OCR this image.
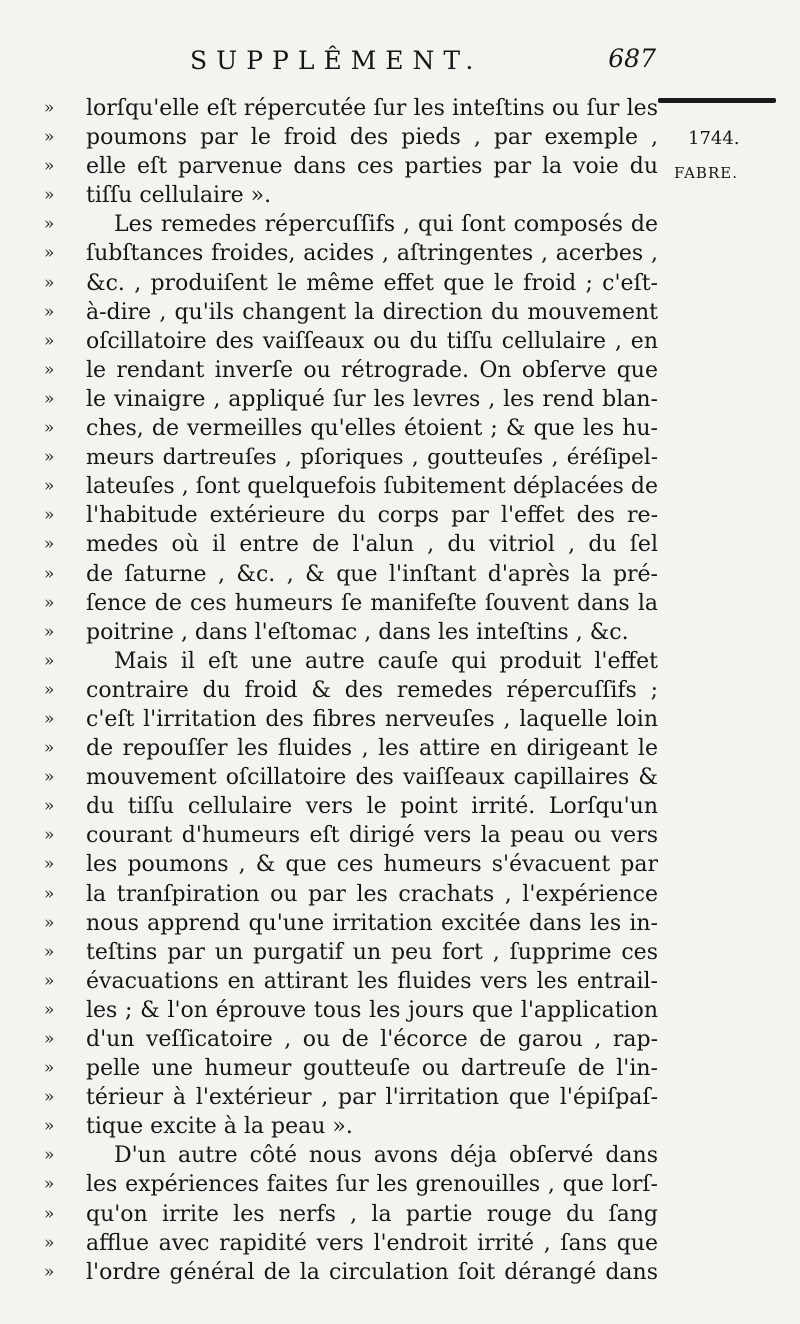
SUPPLÊMENT.	687
1744.
FABRE.
»	lorſqu'elle eſt répercutée ſur les inteſtins ou ſur les
»	poumons par le froid des pieds , par exemple ,
»	elle eſt parvenue dans ces parties par la voie du
»	tiſſu cellulaire ».
»	Les remedes répercuſſifs , qui ſont composés de
»	ſubſtances froides, acides , aſtringentes , acerbes ,
»	&c. , produiſent le même effet que le froid ; c'eſt-
»	à-dire , qu'ils changent la direction du mouvement
»	oſcillatoire des vaiſſeaux ou du tiſſu cellulaire , en
»	le rendant inverſe ou rétrograde. On obſerve que
»	le vinaigre , appliqué ſur les levres , les rend blan-
»	ches, de vermeilles qu'elles étoient ; & que les hu-
»	meurs dartreuſes , pſoriques , goutteuſes , éréſipel-
»	lateuſes , ſont quelquefois ſubitement déplacées de
»	l'habitude extérieure du corps par l'effet des re-
»	medes où il entre de l'alun , du vitriol , du ſel
»	de ſaturne , &c. , & que l'inſtant d'après la pré-
»	ſence de ces humeurs ſe manifeſte ſouvent dans la
»	poitrine , dans l'eſtomac , dans les inteſtins , &c.
»	Mais il eſt une autre cauſe qui produit l'effet
»	contraire du froid & des remedes répercuſſifs ;
»	c'eſt l'irritation des fibres nerveuſes , laquelle loin
»	de repouſſer les fluides , les attire en dirigeant le
»	mouvement oſcillatoire des vaiſſeaux capillaires &
»	du tiſſu cellulaire vers le point irrité. Lorſqu'un
»	courant d'humeurs eſt dirigé vers la peau ou vers
»	les poumons , & que ces humeurs s'évacuent par
»	la tranſpiration ou par les crachats , l'expérience
»	nous apprend qu'une irritation excitée dans les in-
»	teſtins par un purgatif un peu fort , ſupprime ces
»	évacuations en attirant les fluides vers les entrail-
»	les ; & l'on éprouve tous les jours que l'application
»	d'un veſſicatoire , ou de l'écorce de garou , rap-
»	pelle une humeur goutteuſe ou dartreuſe de l'in-
»	térieur à l'extérieur , par l'irritation que l'épiſpaſ-
»	tique excite à la peau ».
»	D'un autre côté nous avons déja obſervé dans
»	les expériences faites ſur les grenouilles , que lorſ-
»	qu'on irrite les nerfs , la partie rouge du ſang
»	afflue avec rapidité vers l'endroit irrité , ſans que
»	l'ordre général de la circulation ſoit dérangé dans
